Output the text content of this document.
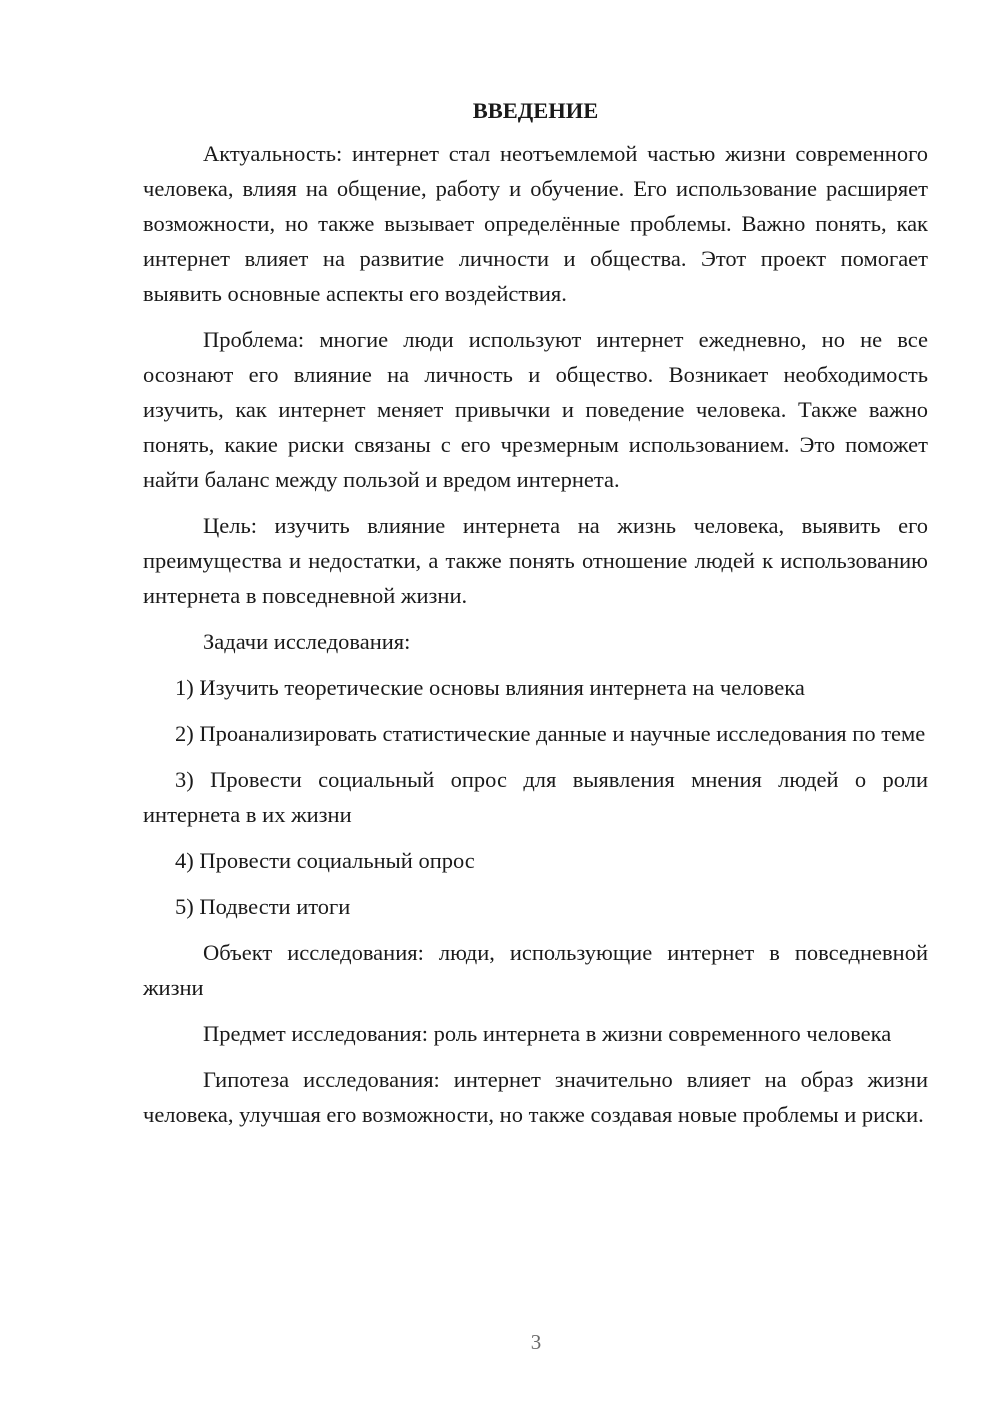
ВВЕДЕНИЕ

Актуальность: интернет стал неотъемлемой частью жизни современного человека, влияя на общение, работу и обучение. Его использование расширяет возможности, но также вызывает определённые проблемы. Важно понять, как интернет влияет на развитие личности и общества. Этот проект помогает выявить основные аспекты его воздействия.

Проблема: многие люди используют интернет ежедневно, но не все осознают его влияние на личность и общество. Возникает необходимость изучить, как интернет меняет привычки и поведение человека. Также важно понять, какие риски связаны с его чрезмерным использованием. Это поможет найти баланс между пользой и вредом интернета.

Цель: изучить влияние интернета на жизнь человека, выявить его преимущества и недостатки, а также понять отношение людей к использованию интернета в повседневной жизни.

Задачи исследования:

1) Изучить теоретические основы влияния интернета на человека

2) Проанализировать статистические данные и научные исследования по теме

3) Провести социальный опрос для выявления мнения людей о роли интернета в их жизни

4) Провести социальный опрос

5) Подвести итоги

Объект исследования: люди, использующие интернет в повседневной жизни

Предмет исследования: роль интернета в жизни современного человека

Гипотеза исследования: интернет значительно влияет на образ жизни человека, улучшая его возможности, но также создавая новые проблемы и риски.

3
